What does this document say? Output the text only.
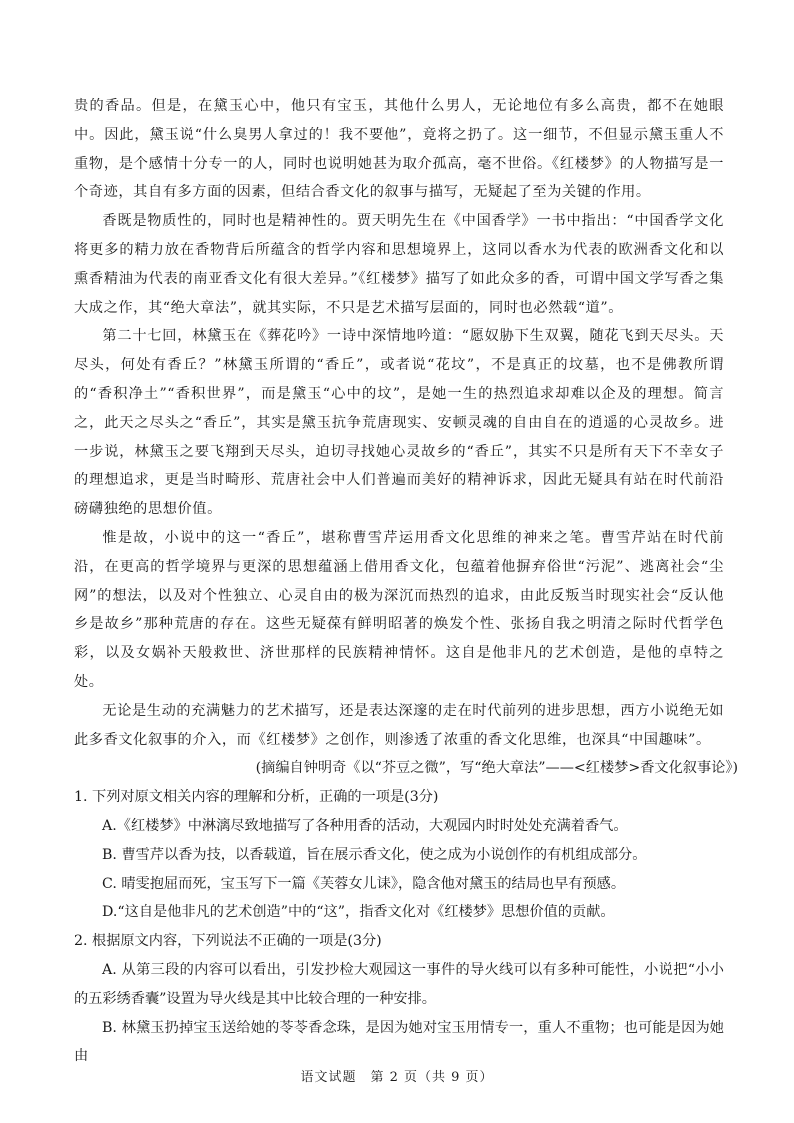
贵的香品。但是，在黛玉心中，他只有宝玉，其他什么男人，无论地位有多么高贵，都不在她眼中。因此，黛玉说“什么臭男人拿过的！我不要他”，竟将之扔了。这一细节，不但显示黛玉重人不重物，是个感情十分专一的人，同时也说明她甚为取介孤高，毫不世俗。《红楼梦》的人物描写是一个奇迹，其自有多方面的因素，但结合香文化的叙事与描写，无疑起了至为关键的作用。

香既是物质性的，同时也是精神性的。贾天明先生在《中国香学》一书中指出：“中国香学文化将更多的精力放在香物背后所蕴含的哲学内容和思想境界上，这同以香水为代表的欧洲香文化和以熏香精油为代表的南亚香文化有很大差异。”《红楼梦》描写了如此众多的香，可谓中国文学写香之集大成之作，其“绝大章法”，就其实际，不只是艺术描写层面的，同时也必然载“道”。

第二十七回，林黛玉在《葬花吟》一诗中深情地吟道：“愿奴胁下生双翼，随花飞到天尽头。天尽头，何处有香丘？”林黛玉所谓的“香丘”，或者说“花坟”，不是真正的坟墓，也不是佛教所谓的“香积净土”“香积世界”，而是黛玉“心中的坟”，是她一生的热烈追求却难以企及的理想。简言之，此天之尽头之“香丘”，其实是黛玉抗争荒唐现实、安顿灵魂的自由自在的逍遥的心灵故乡。进一步说，林黛玉之要飞翔到天尽头，迫切寻找她心灵故乡的“香丘”，其实不只是所有天下不幸女子的理想追求，更是当时畸形、荒唐社会中人们普遍而美好的精神诉求，因此无疑具有站在时代前沿磅礴独绝的思想价值。

惟是故，小说中的这一“香丘”，堪称曹雪芹运用香文化思维的神来之笔。曹雪芹站在时代前沿，在更高的哲学境界与更深的思想蕴涵上借用香文化，包蕴着他摒弃俗世“污泥”、逃离社会“尘网”的想法，以及对个性独立、心灵自由的极为深沉而热烈的追求，由此反叛当时现实社会“反认他乡是故乡”那种荒唐的存在。这些无疑葆有鲜明昭著的焕发个性、张扬自我之明清之际时代哲学色彩，以及女娲补天般救世、济世那样的民族精神情怀。这自是他非凡的艺术创造，是他的卓特之处。

无论是生动的充满魅力的艺术描写，还是表达深邃的走在时代前列的进步思想，西方小说绝无如此多香文化叙事的介入，而《红楼梦》之创作，则渗透了浓重的香文化思维，也深具“中国趣味”。

(摘编自钟明奇《以“芥豆之微”，写“绝大章法”——<红楼梦>香文化叙事论》)

1. 下列对原文相关内容的理解和分析，正确的一项是(3分)

A.《红楼梦》中淋漓尽致地描写了各种用香的活动，大观园内时时处处充满着香气。

B. 曹雪芹以香为技，以香载道，旨在展示香文化，使之成为小说创作的有机组成部分。

C. 晴雯抱屈而死，宝玉写下一篇《芙蓉女儿诔》，隐含他对黛玉的结局也早有预感。

D.“这自是他非凡的艺术创造”中的“这”，指香文化对《红楼梦》思想价值的贡献。

2. 根据原文内容，下列说法不正确的一项是(3分)

A. 从第三段的内容可以看出，引发抄检大观园这一事件的导火线可以有多种可能性，小说把“小小的五彩绣香囊”设置为导火线是其中比较合理的一种安排。

B. 林黛玉扔掉宝玉送给她的苓苓香念珠，是因为她对宝玉用情专一，重人不重物；也可能是因为她由

语文试题　第 2 页（共 9 页）
